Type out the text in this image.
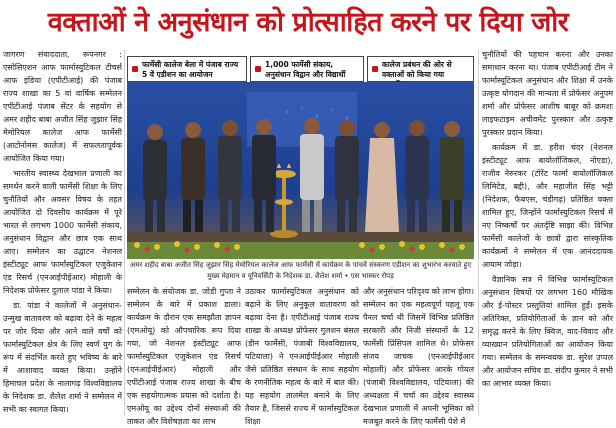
वक्ताओं ने अनुसंधान को प्रोत्साहित करने पर दिया जोर

जागरण संवाददाता, रूपनगर : एसोसिएशन आफ फार्मास्युटिकल टीचर्स आफ इंडिया (एपीटीआई) की पंजाब राज्य शाखा का 5 वां वार्षिक सम्मेलन एपीटीआई पंजाब सेंटर के सहयोग से अमर शहीद बाबा अजीत सिंह जुझार सिंह मेमोरियल कालेज आफ फार्मेसी (आटोनोमस कालेज) में सफलतापूर्वक आयोजित किया गया।

भारतीय स्वास्थ्य देखभाल प्रणाली का समर्थन करने वाली फार्मेसी शिक्षा के लिए चुनौतियों और अवसर विषय के तहत आयोजित दो दिवसीय कार्यक्रम में पूरे भारत से लगभग 1000 फार्मेसी संकाय, अनुसंधान विद्वान और छात्र एक साथ आए। सम्मेलन का उद्घाटन नेशनल इंस्टीट्यूट आफ फार्मास्युटिकल एजुकेशन एंड रिसर्च (एनआईपीईआर) मोहाली के निदेशक प्रोफेसर दुलाल पांडा ने किया।

डा. पांडा ने कालेजों में अनुसंधान-उन्मुख वातावरण को बढ़ावा देने के महत्व पर जोर दिया और आने वाले वर्षों को फार्मास्युटिकल क्षेत्र के लिए स्वर्ण युग के रूप में संदर्भित करते हुए भविष्य के बारे में आशावाद व्यक्त किया। उन्होंने हिमाचल प्रदेश के नालागढ़ विश्वविद्यालय के निदेशक डा. शैलेश शर्मा ने सम्मेलन में सभी का स्वागत किया।

फार्मेसी कालेज बेला में पंजाब राज्य 5 वें एडीशन का आयोजन
1,000 फार्मेसी संकाय, अनुसंधान विद्वान और विद्यार्थी
कालेज प्रबंधन की ओर से वक्ताओं को किया गया
अमर शहीद बाबा अजीत सिंह जुझार सिंह मेमोरियल कालेज आफ फार्मेसी में कार्यक्रम के पांचवें संस्करण एडीशन का शुभारंभ करवाते हुए मुख्य मेहमान व यूनिवर्सिटी के निदेशक डा. शैलेश शर्मा • एस भास्कर रोपड़

सम्मेलन के संयोजक डा. जोडी गुप्ता ने सम्मेलन के बारे में प्रकाश डाला। कार्यक्रम के दौरान एक समझौता ज्ञापन (एमओयू) को औपचारिक रूप दिया गया, जो नेशनल इंस्टीट्यूट आफ फार्मास्युटिकल एजुकेशन एंड रिसर्च (एनआईपीईआर) मोहाली और एपीटीआई पंजाब राज्य शाखा के बीच एक सहयोगात्मक प्रयास को दर्शाता है। एमओयू का उद्देश्य दोनों संस्थाओं की ताकत और विशेषज्ञता का लाभ

उठाकर फार्मास्युटिकल अनुसंधान को बढ़ाने के लिए अनुकूल वातावरण को बढ़ावा देना है। एपीटीआई पंजाब राज्य शाखा के अध्यक्ष प्रोफेसर गुलशन बंसल (डीन फार्मेसी, पंजाबी विश्वविद्यालय, पटियाला) ने एनआईपीईआर मोहाली जैसे प्रतिष्ठित संस्थान के साथ सहयोग के रणनीतिक महत्व के बारे में बात की। यह सहयोग तालमेल बनाने के लिए तैयार है, जिससे राज्य में फार्मास्युटिकल शिक्षा

और अनुसंधान परिदृश्य को लाभ होगा। सम्मेलन का एक महत्वपूर्ण पहलू एक पैनल चर्चा थी जिसमें विभिन्न प्रतिष्ठित सरकारी और निजी संस्थानों के 12 फार्मेसी प्रिंसिपल शामिल थे। प्रोफेसर संजय जाचक (एनआईपीईआर मोहाली) और प्रोफेसर आरके गोयल (पंजाबी विश्वविद्यालय, पटियाला) की अध्यक्षता में चर्चा का उद्देश्य स्वास्थ्य देखभाल प्रणाली में अपनी भूमिका को मजबूत करने के लिए फार्मेसी पेशे में

चुनौतियों की पहचान करना और उनका समाधान करना था। पंजाब एपीटीआई टीम ने फार्मास्यूटिकल अनुसंधान और शिक्षा में उनके उत्कृष्ट योगदान की मान्यता में प्रोफेसर अनुपम शर्मा और प्रोफेसर आशीष बाबूर को क्रमशः लाइफटाइम अचीवमेंट पुरस्कार और उत्कृष्ट पुरस्कार प्रदान किया।

कार्यक्रम में डा. हरीश चंदर (नेशनल इंस्टीट्यूट आफ बायोलॉजिकल, नोएडा), राजीव नेरुरकर (टोरेंट फार्मा बायोलॉजिकल लिमिटेड, बद्दी), और महाजीत सिंह भट्टी (निदेशक, फैबएस, चंडीगढ़) प्रतिष्ठित वक्ता शामिल हुए, जिन्होंने फार्मास्युटिकल रिसर्च में नए निष्कर्षों पर अंतर्दृष्टि साझा की। विभिन्न फार्मेसी कालेजों के छात्रों द्वारा सांस्कृतिक कार्यक्रमों ने सम्मेलन में एक आनंददायक आयाम जोड़ा।

वैज्ञानिक सत्र में विभिन्न फार्मास्युटिकल अनुसंधान विषयों पर लगभग 160 मौखिक और ई-पोस्टर प्रस्तुतियां शामिल हुईं। इसके अतिरिक्त, प्रतियोगिताओं के ज्ञान को और समृद्ध करने के लिए क्विज, वाद-विवाद और व्याख्यान प्रतियोगिताओं का आयोजन किया गया। सम्मेलन के समन्वयक डा. सुरेश उप्पल और आयोजन सचिव डा. संदीप कुमार ने सभी का आभार व्यक्त किया।
